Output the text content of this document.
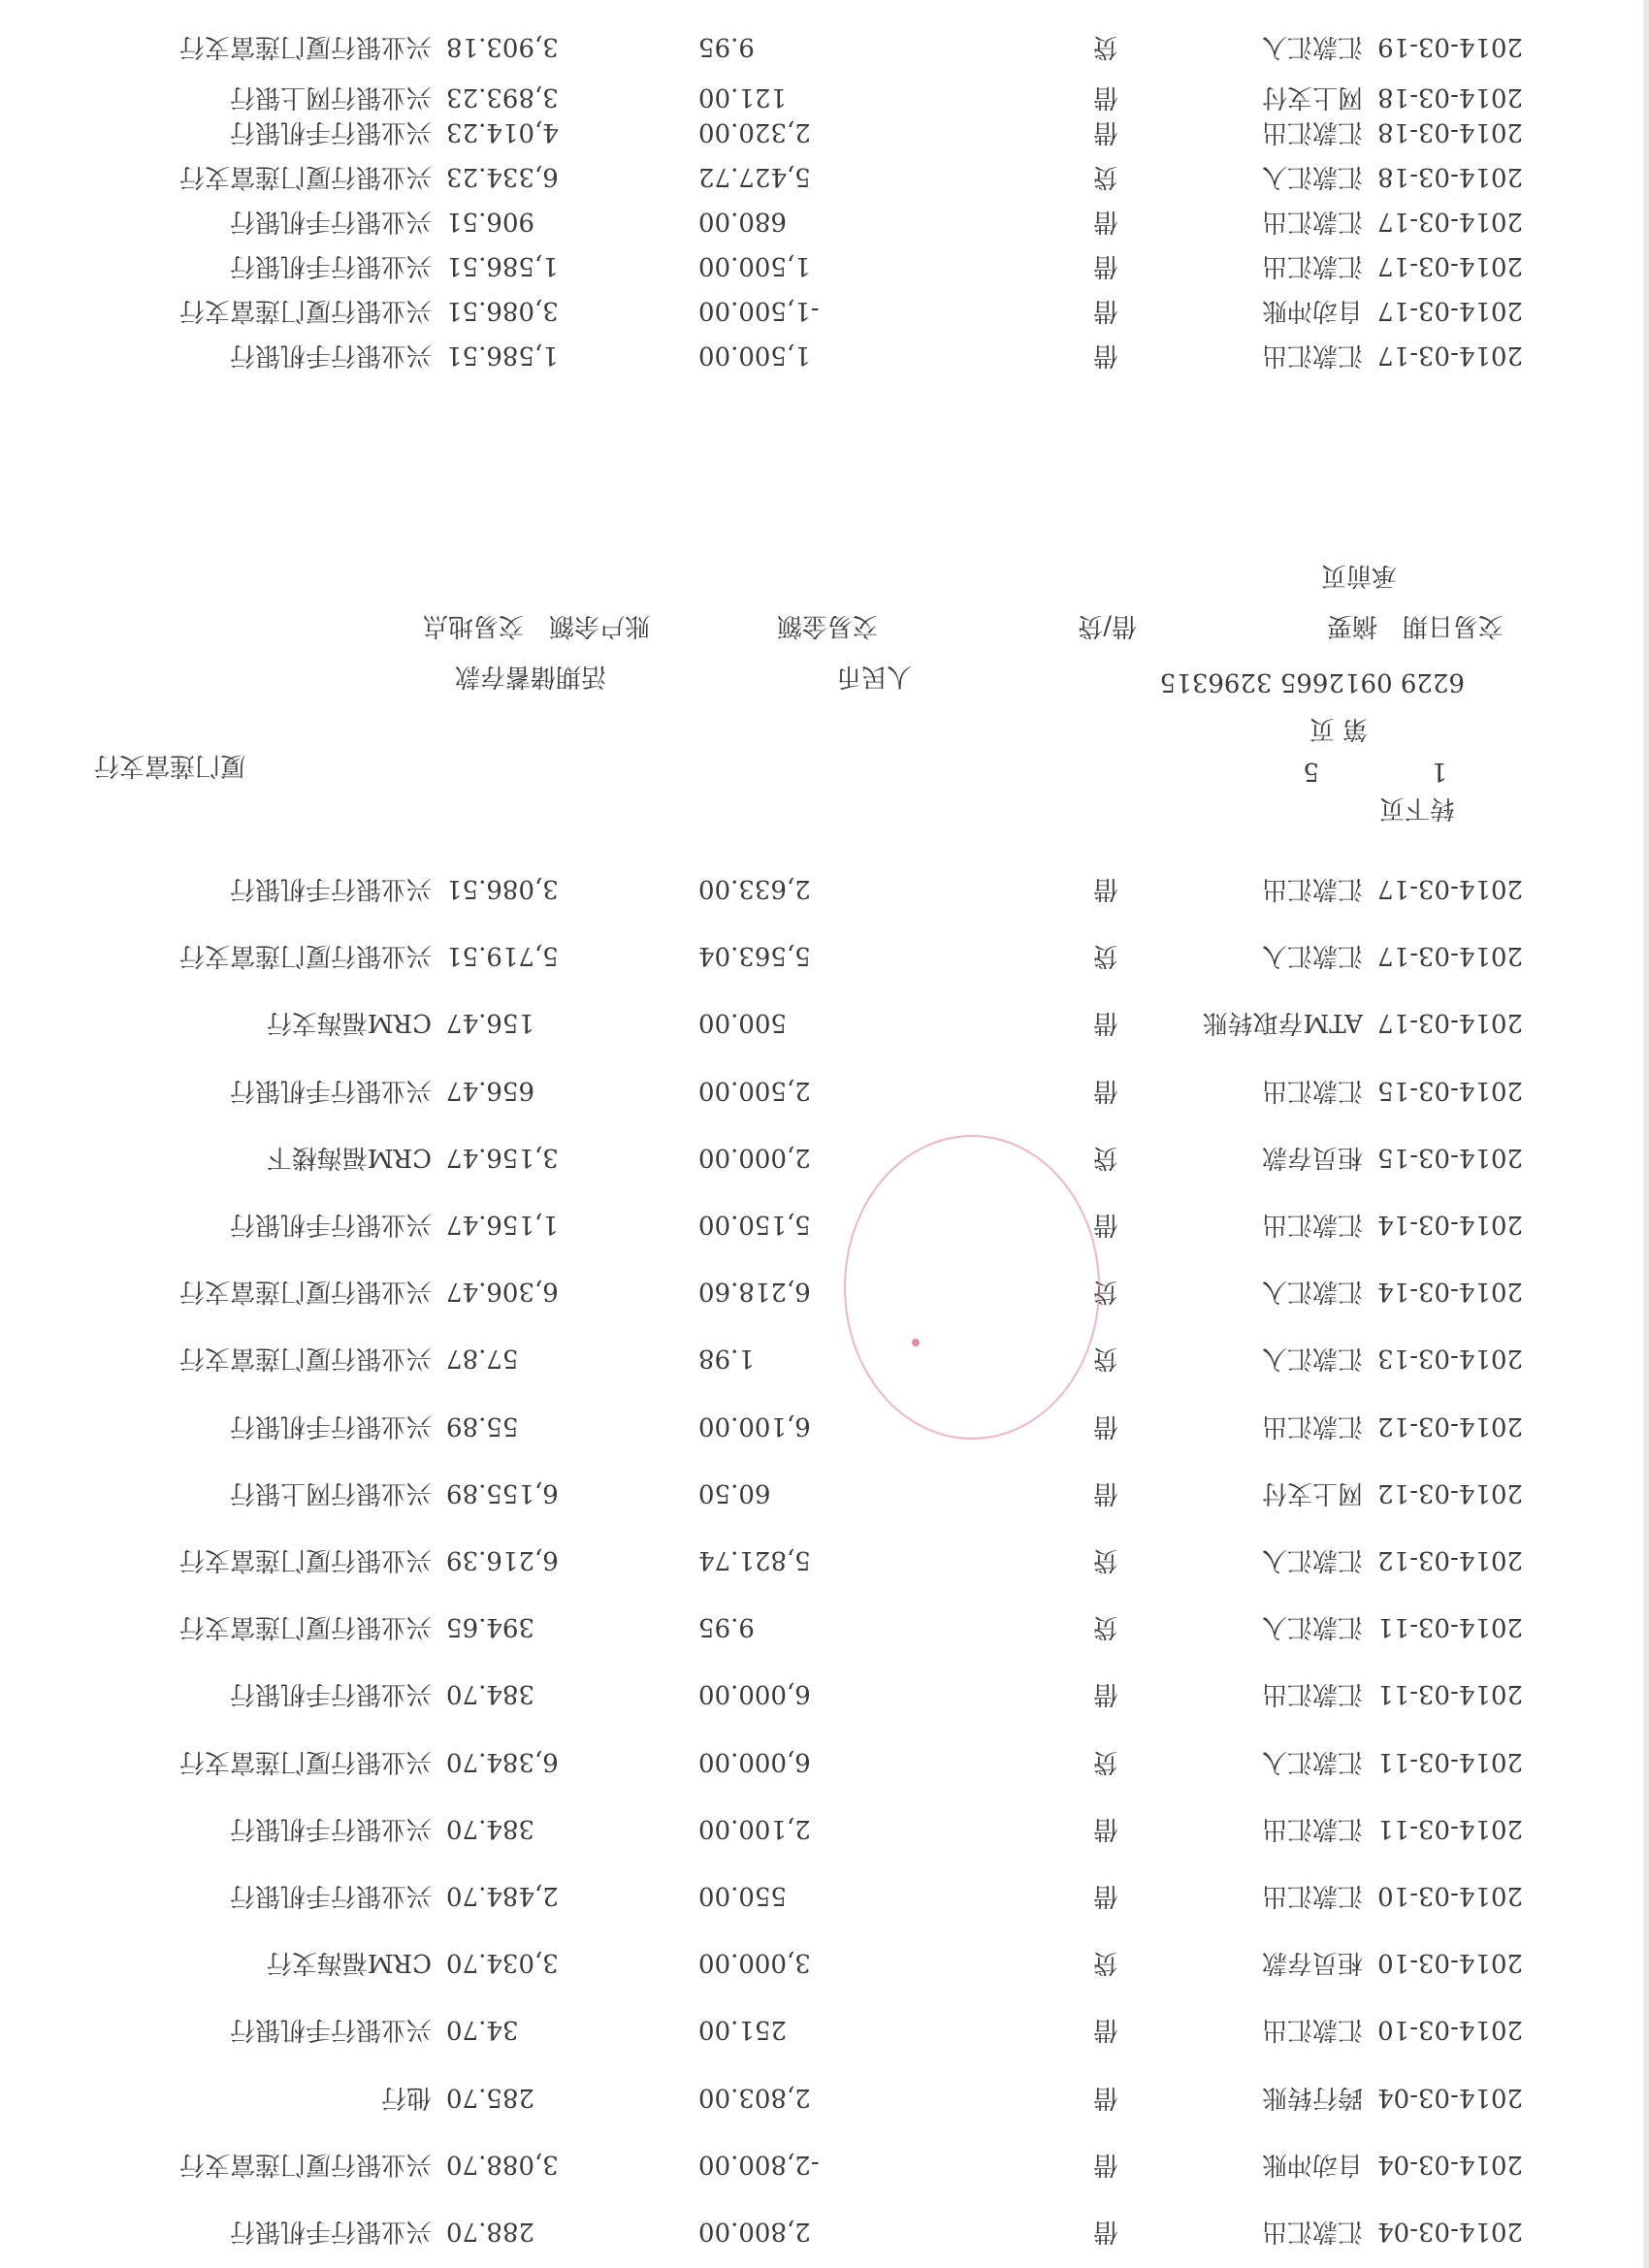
厦门莲富支行	1
5
第 页
6229 0912665 3296315
人民币
活期储蓄存款
交易日期　摘要
借/贷
交易金额
账户余额
交易地点
承前页
转下页
2014-03-19
汇款汇入
贷
9.95
3,903.18
兴业银行厦门莲富支行
2014-03-18
网上支付
借
121.00
3,893.23
兴业银行网上银行
2014-03-18
汇款汇出
借
2,320.00
4,014.23
兴业银行手机银行
2014-03-18
汇款汇入
贷
5,427.72
6,334.23
兴业银行厦门莲富支行
2014-03-17
汇款汇出
借
680.00
906.51
兴业银行手机银行
2014-03-17
汇款汇出
借
1,500.00
1,586.51
兴业银行手机银行
2014-03-17
自动冲账
借
-1,500.00
3,086.51
兴业银行厦门莲富支行
2014-03-17
汇款汇出
借
1,500.00
1,586.51
兴业银行手机银行
2014-03-17
汇款汇出
借
2,633.00
3,086.51
兴业银行手机银行
2014-03-17
汇款汇入
贷
5,563.04
5,719.51
兴业银行厦门莲富支行
2014-03-17
ATM存取转账
借
500.00
156.47
CRM福海支行
2014-03-15
汇款汇出
借
2,500.00
656.47
兴业银行手机银行
2014-03-15
柜员存款
贷
2,000.00
3,156.47
CRM福海楼下
2014-03-14
汇款汇出
借
5,150.00
1,156.47
兴业银行手机银行
2014-03-14
汇款汇入
贷
6,218.60
6,306.47
兴业银行厦门莲富支行
2014-03-13
汇款汇入
贷
1.98
57.87
兴业银行厦门莲富支行
2014-03-12
汇款汇出
借
6,100.00
55.89
兴业银行手机银行
2014-03-12
网上支付
借
60.50
6,155.89
兴业银行网上银行
2014-03-12
汇款汇入
贷
5,821.74
6,216.39
兴业银行厦门莲富支行
2014-03-11
汇款汇入
贷
9.95
394.65
兴业银行厦门莲富支行
2014-03-11
汇款汇出
借
6,000.00
384.70
兴业银行手机银行
2014-03-11
汇款汇入
贷
6,000.00
6,384.70
兴业银行厦门莲富支行
2014-03-11
汇款汇出
借
2,100.00
384.70
兴业银行手机银行
2014-03-10
汇款汇出
借
550.00
2,484.70
兴业银行手机银行
2014-03-10
柜员存款
贷
3,000.00
3,034.70
CRM福海支行
2014-03-10
汇款汇出
借
251.00
34.70
兴业银行手机银行
2014-03-04
跨行转账
借
2,803.00
285.70
他行
2014-03-04
自动冲账
借
-2,800.00
3,088.70
兴业银行厦门莲富支行
2014-03-04
汇款汇出
借
2,800.00
288.70
兴业银行手机银行
